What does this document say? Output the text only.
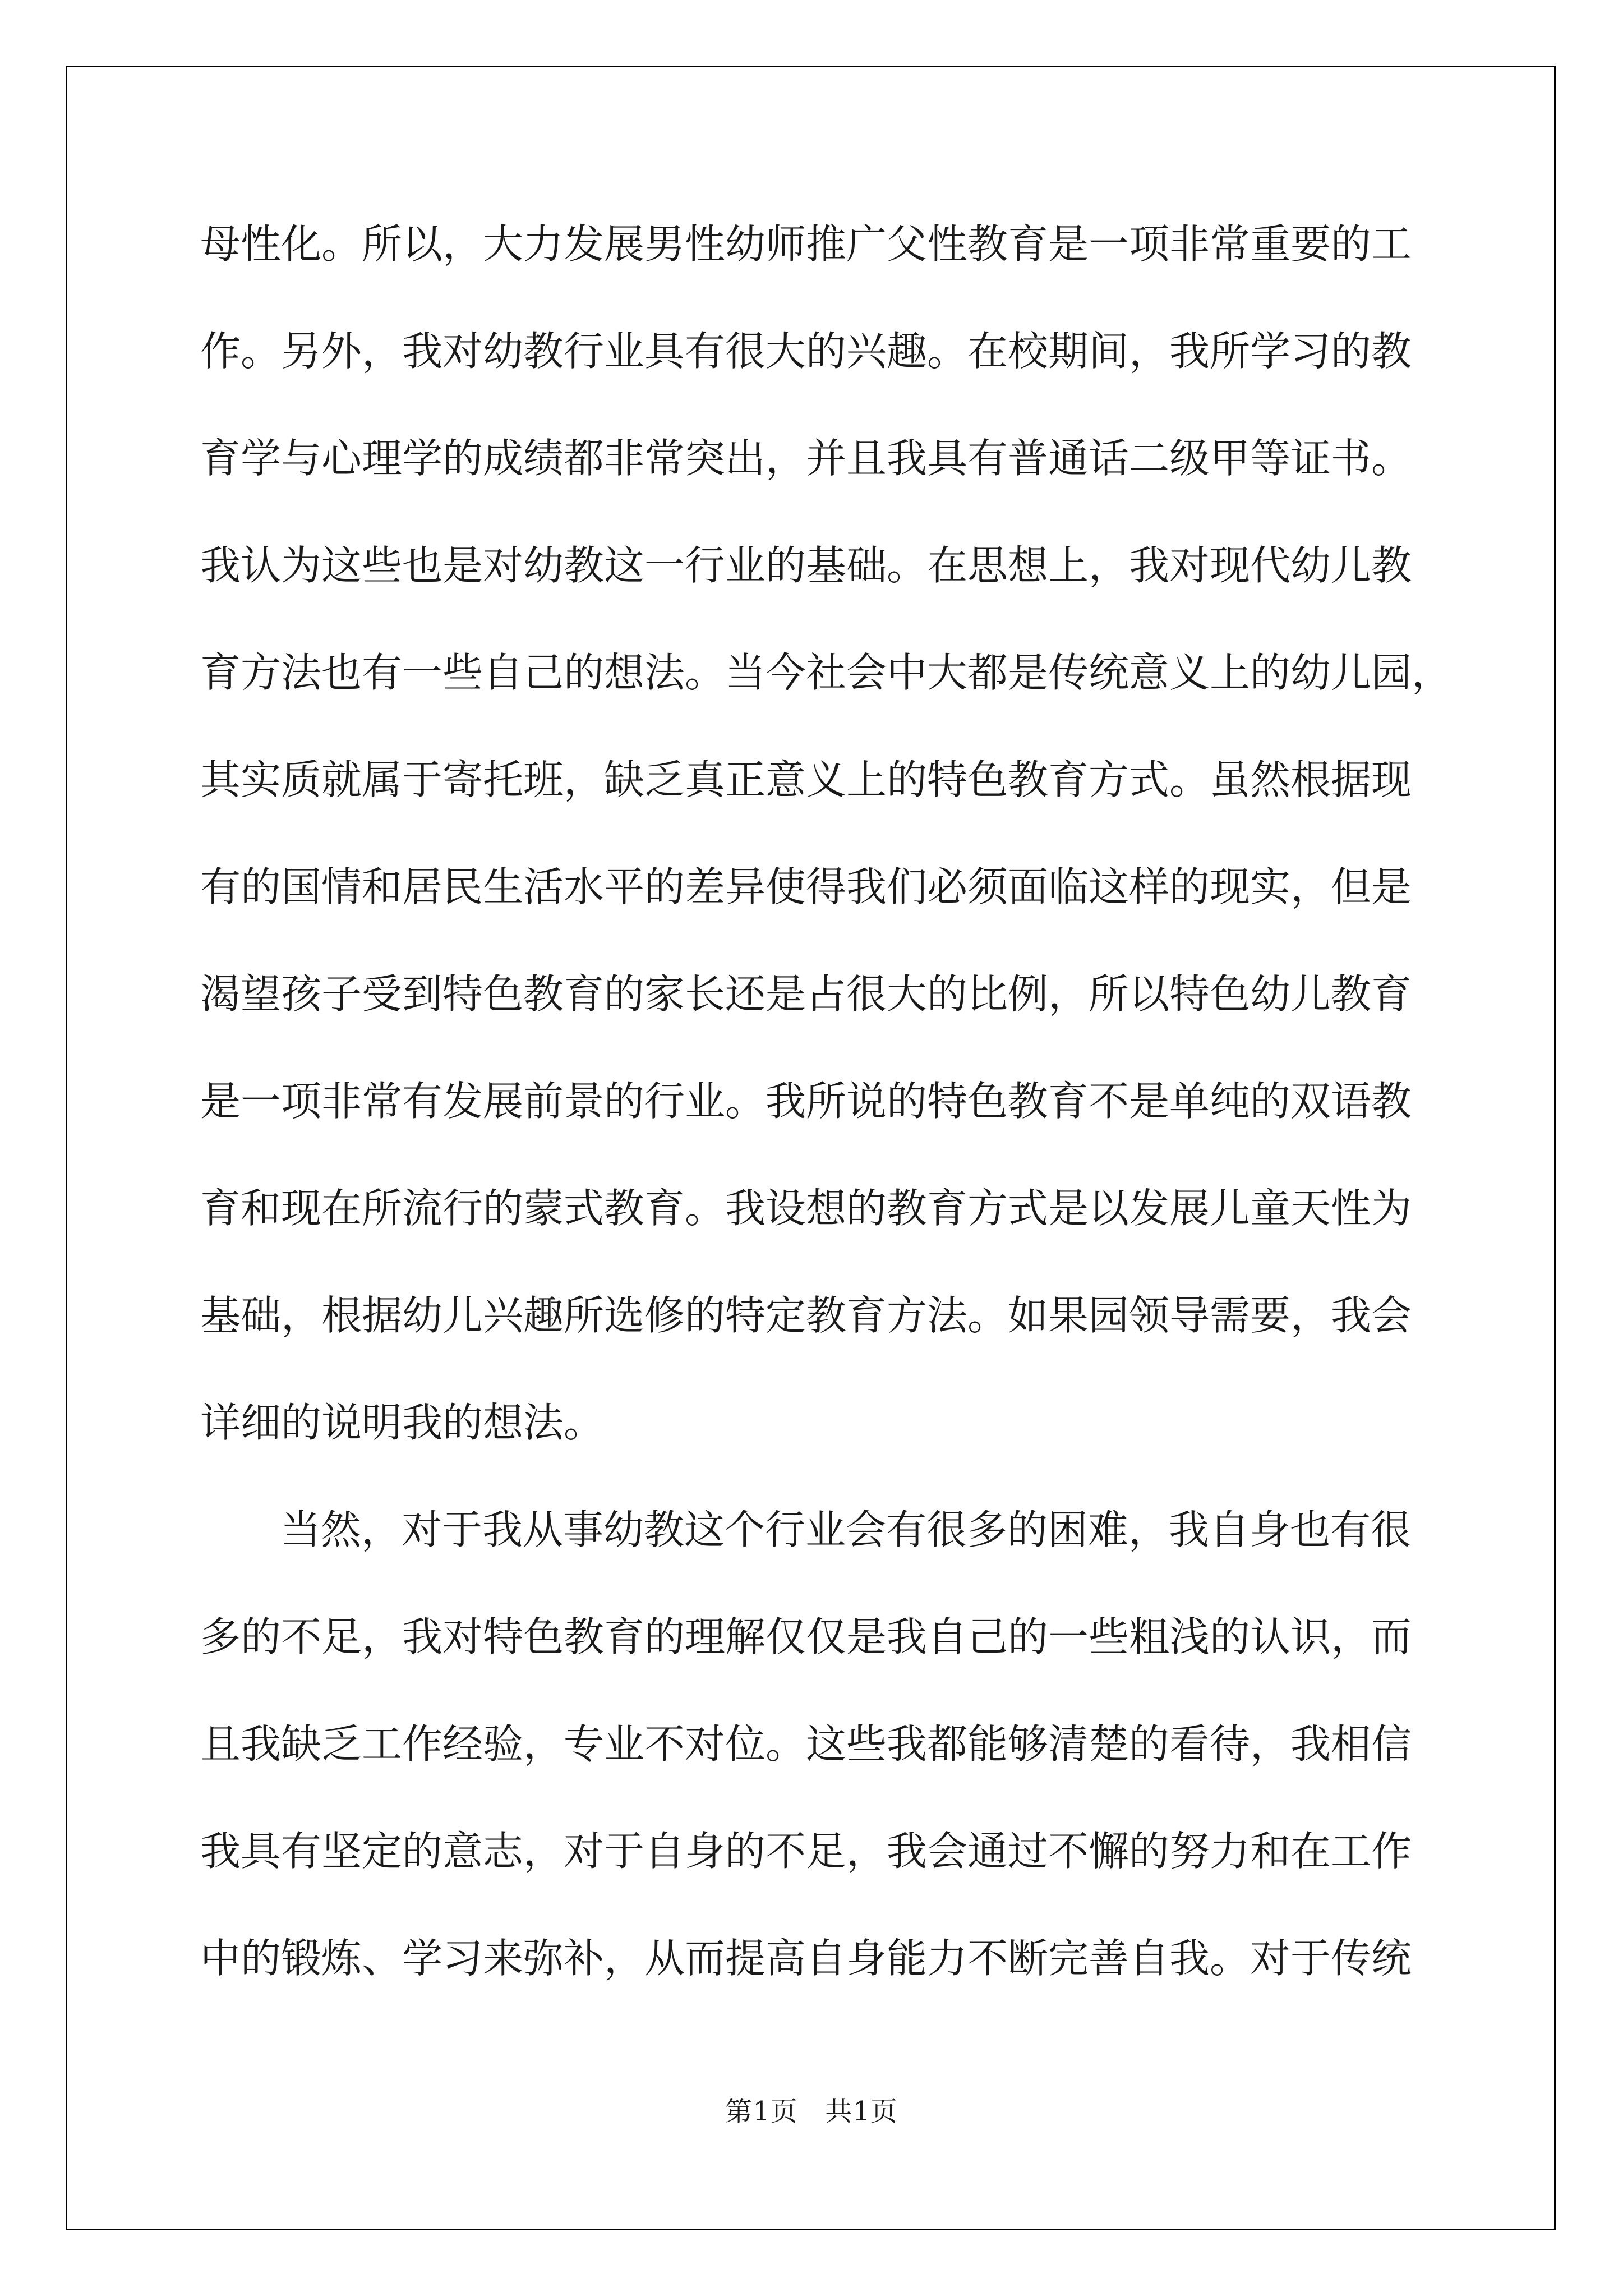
母性化。所以，大力发展男性幼师推广父性教育是一项非常重要的工
作。另外，我对幼教行业具有很大的兴趣。在校期间，我所学习的教
育学与心理学的成绩都非常突出，并且我具有普通话二级甲等证书。
我认为这些也是对幼教这一行业的基础。在思想上，我对现代幼儿教
育方法也有一些自己的想法。当今社会中大都是传统意义上的幼儿园，
其实质就属于寄托班，缺乏真正意义上的特色教育方式。虽然根据现
有的国情和居民生活水平的差异使得我们必须面临这样的现实，但是
渴望孩子受到特色教育的家长还是占很大的比例，所以特色幼儿教育
是一项非常有发展前景的行业。我所说的特色教育不是单纯的双语教
育和现在所流行的蒙式教育。我设想的教育方式是以发展儿童天性为
基础，根据幼儿兴趣所选修的特定教育方法。如果园领导需要，我会
详细的说明我的想法。
当然，对于我从事幼教这个行业会有很多的困难，我自身也有很
多的不足，我对特色教育的理解仅仅是我自己的一些粗浅的认识，而
且我缺乏工作经验，专业不对位。这些我都能够清楚的看待，我相信
我具有坚定的意志，对于自身的不足，我会通过不懈的努力和在工作
中的锻炼、学习来弥补，从而提高自身能力不断完善自我。对于传统
第1页   共1页
